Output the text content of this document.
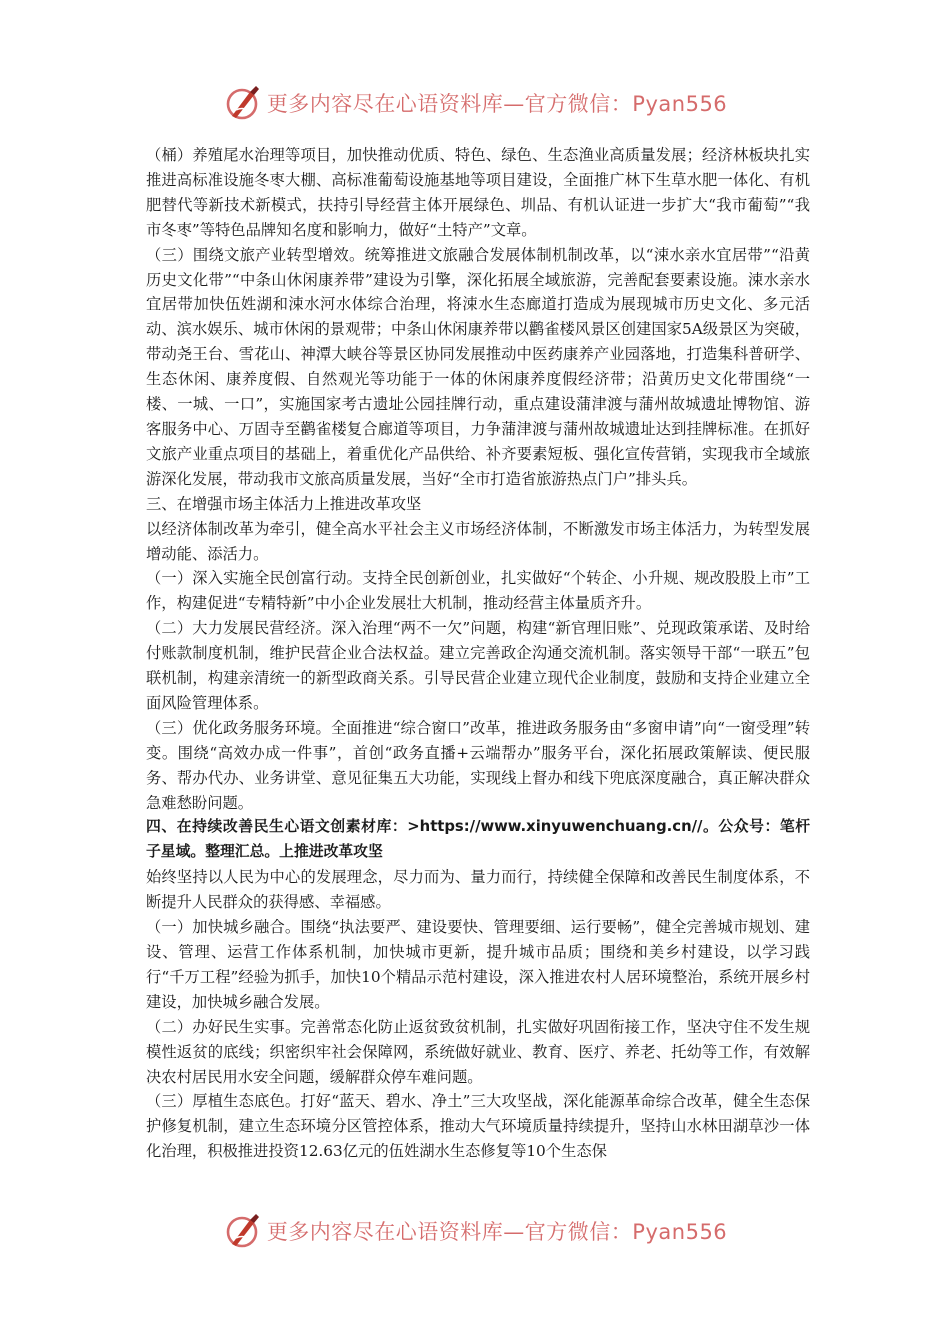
更多内容尽在心语资料库—官方微信：Pyan556

（桶）养殖尾水治理等项目，加快推动优质、特色、绿色、生态渔业高质量发展；经济林板块扎实推进高标准设施冬枣大棚、高标准葡萄设施基地等项目建设，全面推广林下生草水肥一体化、有机肥替代等新技术新模式，扶持引导经营主体开展绿色、圳品、有机认证进一步扩大“我市葡萄”“我市冬枣”等特色品牌知名度和影响力，做好“土特产”文章。

（三）围绕文旅产业转型增效。统筹推进文旅融合发展体制机制改革，以“涑水亲水宜居带”“沿黄历史文化带”“中条山休闲康养带”建设为引擎，深化拓展全域旅游，完善配套要素设施。涑水亲水宜居带加快伍姓湖和涑水河水体综合治理，将涑水生态廊道打造成为展现城市历史文化、多元活动、滨水娱乐、城市休闲的景观带；中条山休闲康养带以鹳雀楼风景区创建国家5A级景区为突破，带动尧王台、雪花山、神潭大峡谷等景区协同发展推动中医药康养产业园落地，打造集科普研学、生态休闲、康养度假、自然观光等功能于一体的休闲康养度假经济带；沿黄历史文化带围绕“一楼、一城、一口”，实施国家考古遗址公园挂牌行动，重点建设蒲津渡与蒲州故城遗址博物馆、游客服务中心、万固寺至鹳雀楼复合廊道等项目，力争蒲津渡与蒲州故城遗址达到挂牌标准。在抓好文旅产业重点项目的基础上，着重优化产品供给、补齐要素短板、强化宣传营销，实现我市全域旅游深化发展，带动我市文旅高质量发展，当好“全市打造省旅游热点门户”排头兵。

三、在增强市场主体活力上推进改革攻坚

以经济体制改革为牵引，健全高水平社会主义市场经济体制，不断激发市场主体活力，为转型发展增动能、添活力。

（一）深入实施全民创富行动。支持全民创新创业，扎实做好“个转企、小升规、规改股股上市”工作，构建促进“专精特新”中小企业发展壮大机制，推动经营主体量质齐升。

（二）大力发展民营经济。深入治理“两不一欠”问题，构建“新官理旧账”、兑现政策承诺、及时给付账款制度机制，维护民营企业合法权益。建立完善政企沟通交流机制。落实领导干部“一联五”包联机制，构建亲清统一的新型政商关系。引导民营企业建立现代企业制度，鼓励和支持企业建立全面风险管理体系。

（三）优化政务服务环境。全面推进“综合窗口”改革，推进政务服务由“多窗申请”向“一窗受理”转变。围绕“高效办成一件事”，首创“政务直播+云端帮办”服务平台，深化拓展政策解读、便民服务、帮办代办、业务讲堂、意见征集五大功能，实现线上督办和线下兜底深度融合，真正解决群众急难愁盼问题。

四、在持续改善民生心语文创素材库：>https://www.xinyuwenchuang.cn//。公众号：笔杆子星域。整理汇总。上推进改革攻坚

始终坚持以人民为中心的发展理念，尽力而为、量力而行，持续健全保障和改善民生制度体系，不断提升人民群众的获得感、幸福感。

（一）加快城乡融合。围绕“执法要严、建设要快、管理要细、运行要畅”，健全完善城市规划、建设、管理、运营工作体系机制，加快城市更新，提升城市品质；围绕和美乡村建设，以学习践行“千万工程”经验为抓手，加快10个精品示范村建设，深入推进农村人居环境整治，系统开展乡村建设，加快城乡融合发展。

（二）办好民生实事。完善常态化防止返贫致贫机制，扎实做好巩固衔接工作，坚决守住不发生规模性返贫的底线；织密织牢社会保障网，系统做好就业、教育、医疗、养老、托幼等工作，有效解决农村居民用水安全问题，缓解群众停车难问题。

（三）厚植生态底色。打好“蓝天、碧水、净土”三大攻坚战，深化能源革命综合改革，健全生态保护修复机制，建立生态环境分区管控体系，推动大气环境质量持续提升，坚持山水林田湖草沙一体化治理，积极推进投资12.63亿元的伍姓湖水生态修复等10个生态保

更多内容尽在心语资料库—官方微信：Pyan556
